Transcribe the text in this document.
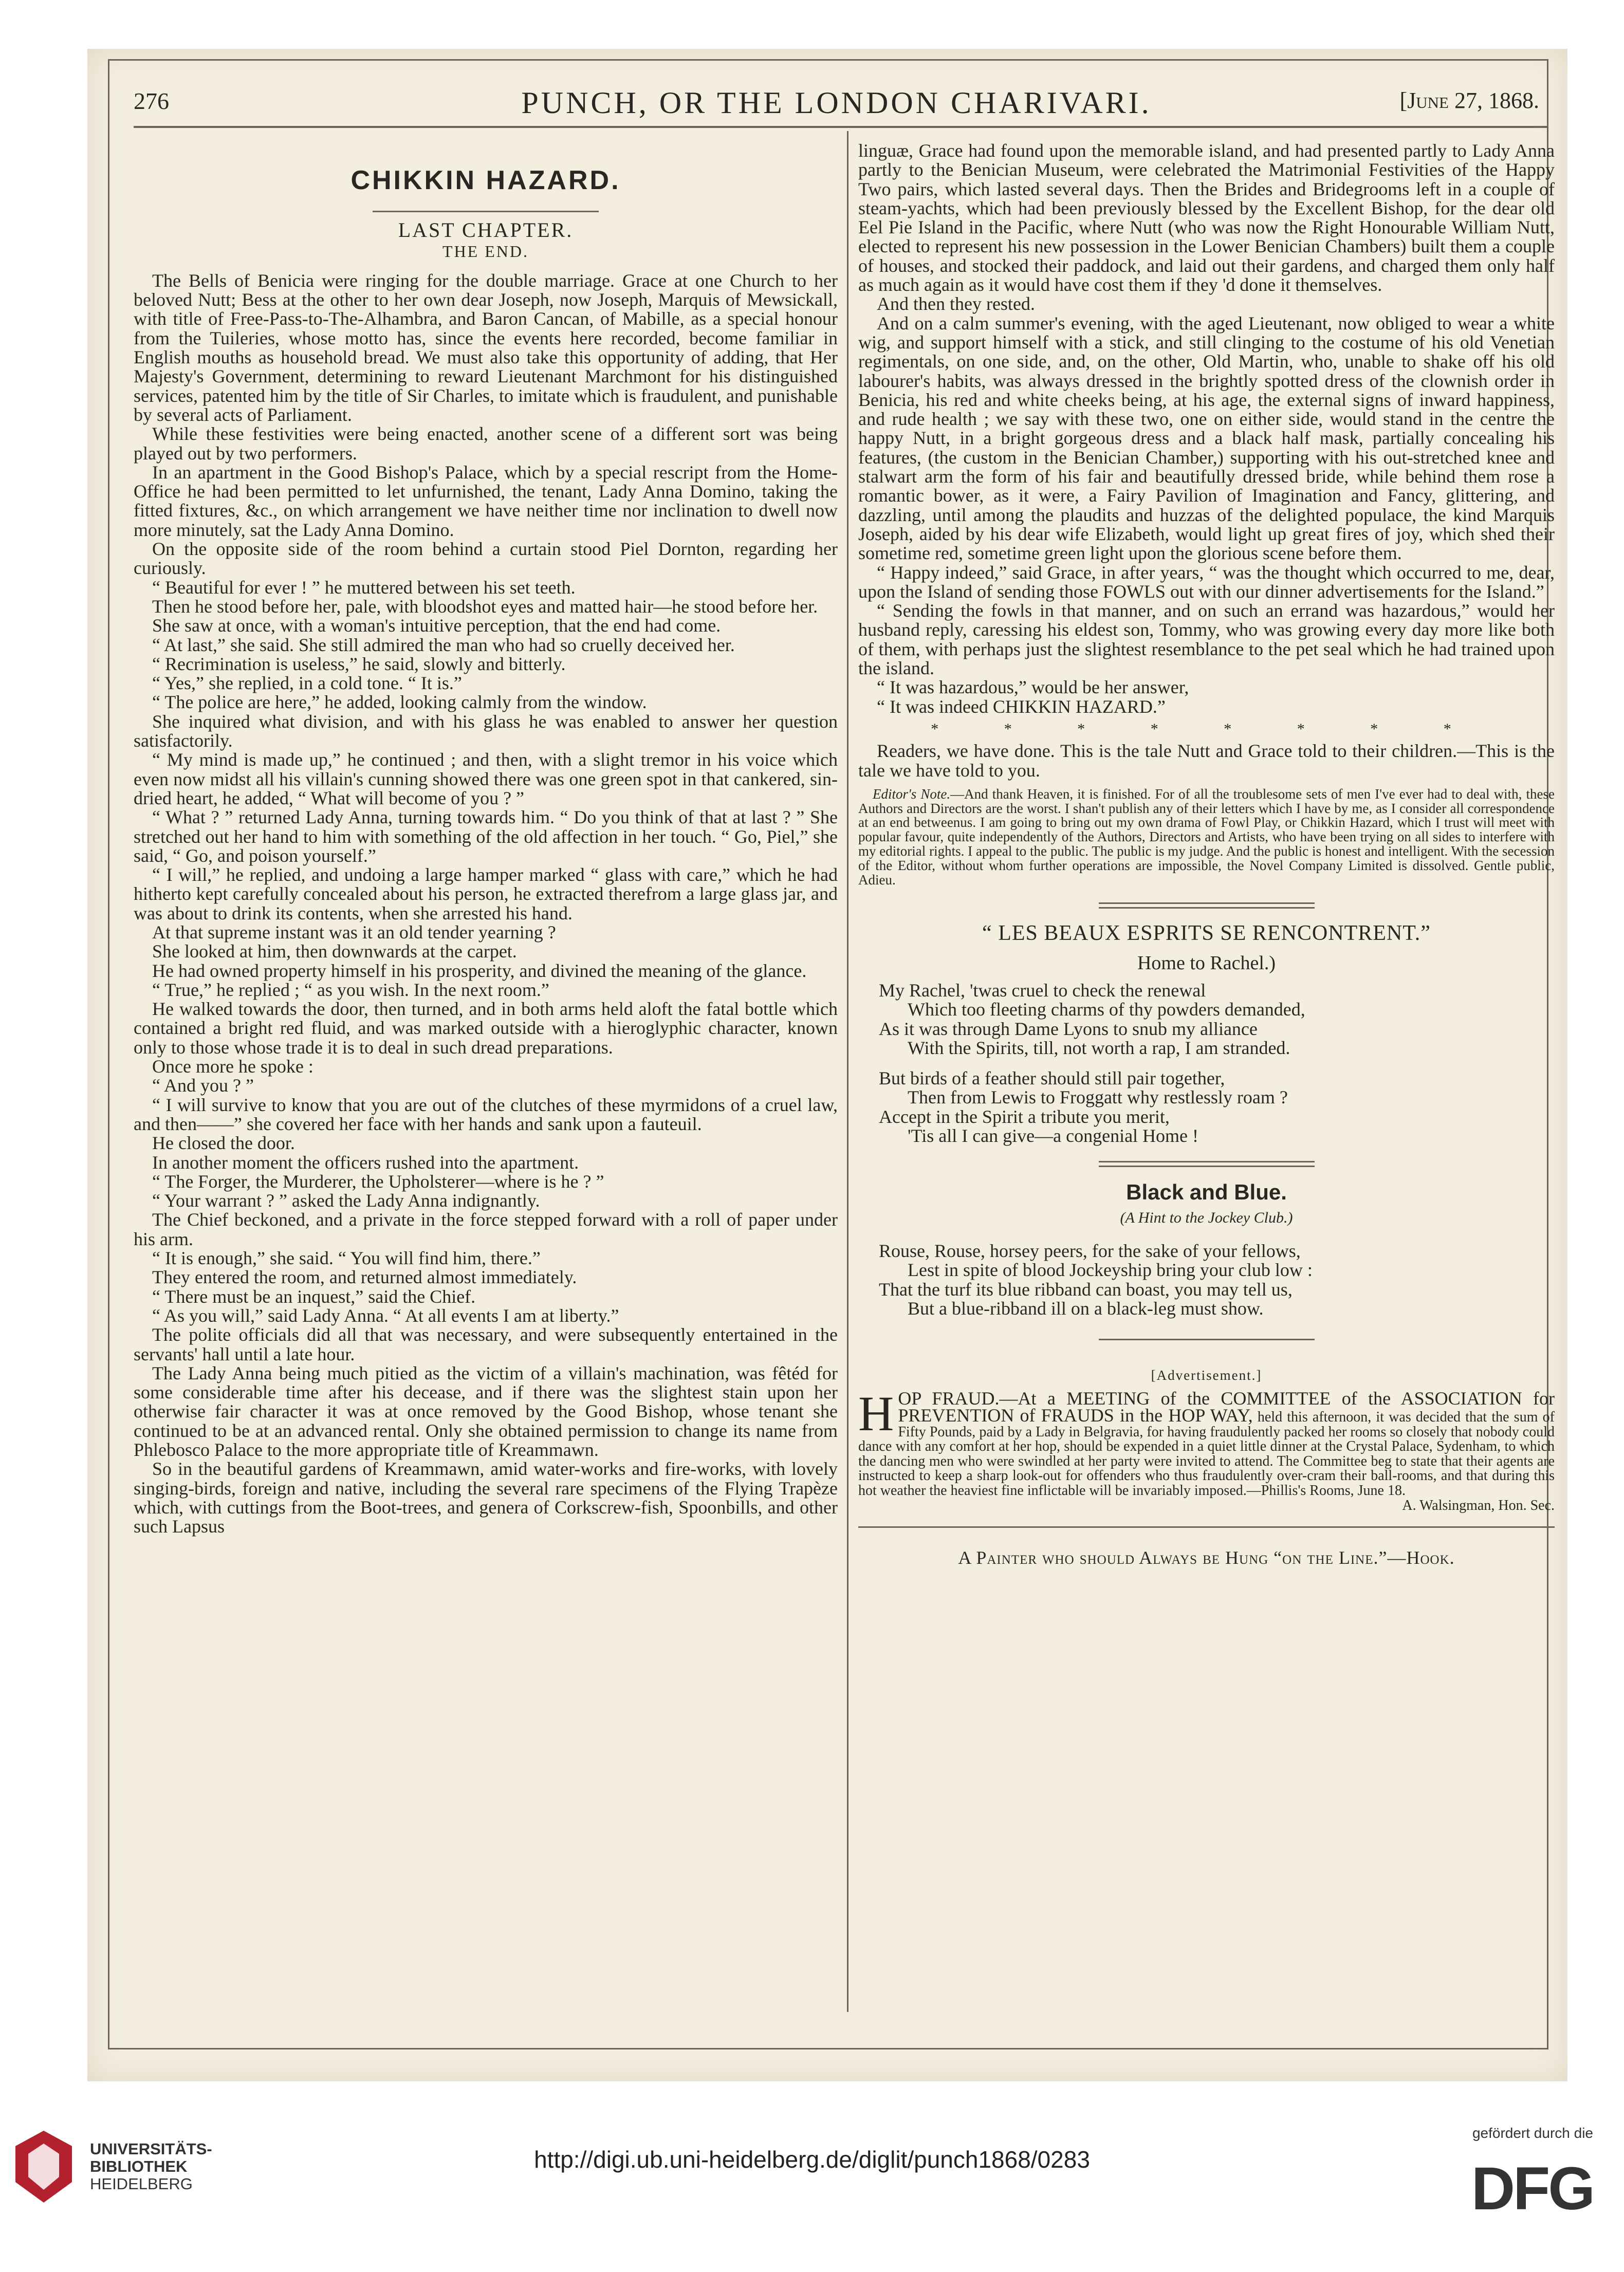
276	PUNCH, OR THE LONDON CHARIVARI.	[June 27, 1868.
CHIKKIN HAZARD.
LAST CHAPTER.
THE END.

The Bells of Benicia were ringing for the double marriage. Grace at one Church to her beloved Nutt; Bess at the other to her own dear Joseph, now Joseph, Marquis of Mewsickall, with title of Free-Pass-to-The-Alhambra, and Baron Cancan, of Mabille, as a special honour from the Tuileries, whose motto has, since the events here recorded, become familiar in English mouths as household bread. We must also take this opportunity of adding, that Her Majesty's Government, determining to reward Lieutenant Marchmont for his distinguished services, patented him by the title of Sir Charles, to imitate which is fraudulent, and punishable by several acts of Parliament.

While these festivities were being enacted, another scene of a different sort was being played out by two performers.

In an apartment in the Good Bishop's Palace, which by a special rescript from the Home-Office he had been permitted to let unfurnished, the tenant, Lady Anna Domino, taking the fitted fixtures, &c., on which arrangement we have neither time nor inclination to dwell now more minutely, sat the Lady Anna Domino.

On the opposite side of the room behind a curtain stood Piel Dornton, regarding her curiously.

“ Beautiful for ever ! ” he muttered between his set teeth.

Then he stood before her, pale, with bloodshot eyes and matted hair—he stood before her.

She saw at once, with a woman's intuitive perception, that the end had come.

“ At last,” she said. She still admired the man who had so cruelly deceived her.

“ Recrimination is useless,” he said, slowly and bitterly.

“ Yes,” she replied, in a cold tone. “ It is.”

“ The police are here,” he added, looking calmly from the window.

She inquired what division, and with his glass he was enabled to answer her question satisfactorily.

“ My mind is made up,” he continued ; and then, with a slight tremor in his voice which even now midst all his villain's cunning showed there was one green spot in that cankered, sin-dried heart, he added, “ What will become of you ? ”

“ What ? ” returned Lady Anna, turning towards him. “ Do you think of that at last ? ” She stretched out her hand to him with something of the old affection in her touch. “ Go, Piel,” she said, “ Go, and poison yourself.”

“ I will,” he replied, and undoing a large hamper marked “ glass with care,” which he had hitherto kept carefully concealed about his person, he extracted therefrom a large glass jar, and was about to drink its contents, when she arrested his hand.

At that supreme instant was it an old tender yearning ?

She looked at him, then downwards at the carpet.

He had owned property himself in his prosperity, and divined the meaning of the glance.

“ True,” he replied ; “ as you wish. In the next room.”

He walked towards the door, then turned, and in both arms held aloft the fatal bottle which contained a bright red fluid, and was marked outside with a hieroglyphic character, known only to those whose trade it is to deal in such dread preparations.

Once more he spoke :

“ And you ? ”

“ I will survive to know that you are out of the clutches of these myrmidons of a cruel law, and then——” she covered her face with her hands and sank upon a fauteuil.

He closed the door.

In another moment the officers rushed into the apartment.

“ The Forger, the Murderer, the Upholsterer—where is he ? ”

“ Your warrant ? ” asked the Lady Anna indignantly.

The Chief beckoned, and a private in the force stepped forward with a roll of paper under his arm.

“ It is enough,” she said. “ You will find him, there.”

They entered the room, and returned almost immediately.

“ There must be an inquest,” said the Chief.

“ As you will,” said Lady Anna. “ At all events I am at liberty.”

The polite officials did all that was necessary, and were subsequently entertained in the servants' hall until a late hour.

The Lady Anna being much pitied as the victim of a villain's machination, was fêtéd for some considerable time after his decease, and if there was the slightest stain upon her otherwise fair character it was at once removed by the Good Bishop, whose tenant she continued to be at an advanced rental. Only she obtained permission to change its name from Phlebosco Palace to the more appropriate title of Kreammawn.

So in the beautiful gardens of Kreammawn, amid water-works and fire-works, with lovely singing-birds, foreign and native, including the several rare specimens of the Flying Trapèze which, with cuttings from the Boot-trees, and genera of Corkscrew-fish, Spoonbills, and other such Lapsus

linguæ, Grace had found upon the memorable island, and had presented partly to Lady Anna partly to the Benician Museum, were celebrated the Matrimonial Festivities of the Happy Two pairs, which lasted several days. Then the Brides and Bridegrooms left in a couple of steam-yachts, which had been previously blessed by the Excellent Bishop, for the dear old Eel Pie Island in the Pacific, where Nutt (who was now the Right Honourable William Nutt, elected to represent his new possession in the Lower Benician Chambers) built them a couple of houses, and stocked their paddock, and laid out their gardens, and charged them only half as much again as it would have cost them if they 'd done it themselves.

And then they rested.

And on a calm summer's evening, with the aged Lieutenant, now obliged to wear a white wig, and support himself with a stick, and still clinging to the costume of his old Venetian regimentals, on one side, and, on the other, Old Martin, who, unable to shake off his old labourer's habits, was always dressed in the brightly spotted dress of the clownish order in Benicia, his red and white cheeks being, at his age, the external signs of inward happiness, and rude health ; we say with these two, one on either side, would stand in the centre the happy Nutt, in a bright gorgeous dress and a black half mask, partially concealing his features, (the custom in the Benician Chamber,) supporting with his out-stretched knee and stalwart arm the form of his fair and beautifully dressed bride, while behind them rose a romantic bower, as it were, a Fairy Pavilion of Imagination and Fancy, glittering, and dazzling, until among the plaudits and huzzas of the delighted populace, the kind Marquis Joseph, aided by his dear wife Elizabeth, would light up great fires of joy, which shed their sometime red, sometime green light upon the glorious scene before them.

“ Happy indeed,” said Grace, in after years, “ was the thought which occurred to me, dear, upon the Island of sending those FOWLS out with our dinner advertisements for the Island.”

“ Sending the fowls in that manner, and on such an errand was hazardous,” would her husband reply, caressing his eldest son, Tommy, who was growing every day more like both of them, with perhaps just the slightest resemblance to the pet seal which he had trained upon the island.

“ It was hazardous,” would be her answer,

“ It was indeed CHIKKIN HAZARD.”

* * * * * * * *

Readers, we have done. This is the tale Nutt and Grace told to their children.—This is the tale we have told to you.

Editor's Note.—And thank Heaven, it is finished. For of all the troublesome sets of men I've ever had to deal with, these Authors and Directors are the worst. I shan't publish any of their letters which I have by me, as I consider all correspondence at an end betweenus. I am going to bring out my own drama of Fowl Play, or Chikkin Hazard, which I trust will meet with popular favour, quite independently of the Authors, Directors and Artists, who have been trying on all sides to interfere with my editorial rights. I appeal to the public. The public is my judge. And the public is honest and intelligent. With the secession of the Editor, without whom further operations are impossible, the Novel Company Limited is dissolved. Gentle public, Adieu.

“ LES BEAUX ESPRITS SE RENCONTRENT.”
Home to Rachel.)
My Rachel, 'twas cruel to check the renewal
Which too fleeting charms of thy powders demanded,
As it was through Dame Lyons to snub my alliance
With the Spirits, till, not worth a rap, I am stranded.
But birds of a feather should still pair together,
Then from Lewis to Froggatt why restlessly roam ?
Accept in the Spirit a tribute you merit,
'Tis all I can give—a congenial Home !
Black and Blue.
(A Hint to the Jockey Club.)
Rouse, Rouse, horsey peers, for the sake of your fellows,
Lest in spite of blood Jockeyship bring your club low :
That the turf its blue ribband can boast, you may tell us,
But a blue-ribband ill on a black-leg must show.
[Advertisement.]
H OP FRAUD.—At a MEETING of the COMMITTEE of the ASSOCIATION for PREVENTION of FRAUDS in the HOP WAY, held this afternoon, it was decided that the sum of Fifty Pounds, paid by a Lady in Belgravia, for having fraudulently packed her rooms so closely that nobody could dance with any comfort at her hop, should be expended in a quiet little dinner at the Crystal Palace, Sydenham, to which the dancing men who were swindled at her party were invited to attend. The Committee beg to state that their agents are instructed to keep a sharp look-out for offenders who thus fraudulently over-cram their ball-rooms, and that during this hot weather the heaviest fine inflictable will be invariably imposed.—Phillis's Rooms, June 18.
A. Walsingman, Hon. Sec.
A Painter who should Always be Hung “on the Line.”—Hook.
UNIVERSITÄTS-
BIBLIOTHEK
HEIDELBERG
http://digi.ub.uni-heidelberg.de/diglit/punch1868/0283
gefördert durch die
DFG
